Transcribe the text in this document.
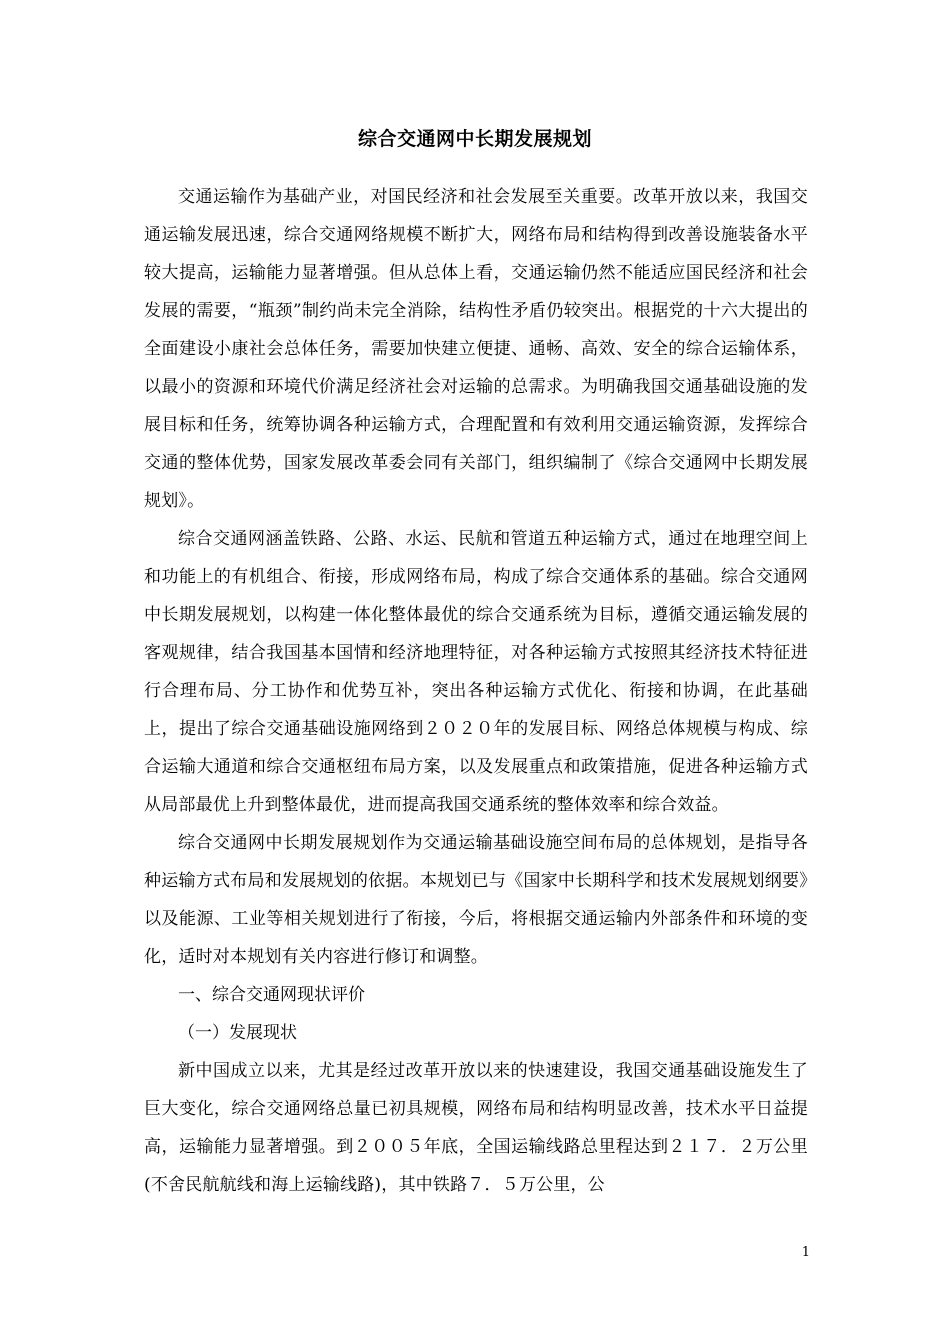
综合交通网中长期发展规划

交通运输作为基础产业，对国民经济和社会发展至关重要。改革开放以来，我国交通运输发展迅速，综合交通网络规模不断扩大，网络布局和结构得到改善设施装备水平较大提高，运输能力显著增强。但从总体上看，交通运输仍然不能适应国民经济和社会发展的需要，“瓶颈”制约尚未完全消除，结构性矛盾仍较突出。根据党的十六大提出的全面建设小康社会总体任务，需要加快建立便捷、通畅、高效、安全的综合运输体系，以最小的资源和环境代价满足经济社会对运输的总需求。为明确我国交通基础设施的发展目标和任务，统筹协调各种运输方式，合理配置和有效利用交通运输资源，发挥综合交通的整体优势，国家发展改革委会同有关部门，组织编制了《综合交通网中长期发展规划》。

综合交通网涵盖铁路、公路、水运、民航和管道五种运输方式，通过在地理空间上和功能上的有机组合、衔接，形成网络布局，构成了综合交通体系的基础。综合交通网中长期发展规划，以构建一体化整体最优的综合交通系统为目标，遵循交通运输发展的客观规律，结合我国基本国情和经济地理特征，对各种运输方式按照其经济技术特征进行合理布局、分工协作和优势互补，突出各种运输方式优化、衔接和协调，在此基础上，提出了综合交通基础设施网络到２０２０年的发展目标、网络总体规模与构成、综合运输大通道和综合交通枢纽布局方案，以及发展重点和政策措施，促进各种运输方式从局部最优上升到整体最优，进而提高我国交通系统的整体效率和综合效益。

综合交通网中长期发展规划作为交通运输基础设施空间布局的总体规划，是指导各种运输方式布局和发展规划的依据。本规划已与《国家中长期科学和技术发展规划纲要》以及能源、工业等相关规划进行了衔接，今后，将根据交通运输内外部条件和环境的变化，适时对本规划有关内容进行修订和调整。

一、综合交通网现状评价

（一）发展现状

新中国成立以来，尤其是经过改革开放以来的快速建设，我国交通基础设施发生了巨大变化，综合交通网络总量已初具规模，网络布局和结构明显改善，技术水平日益提高，运输能力显著增强。到２００５年底，全国运输线路总里程达到２１７．２万公里(不舍民航航线和海上运输线路)，其中铁路７．５万公里，公

1
